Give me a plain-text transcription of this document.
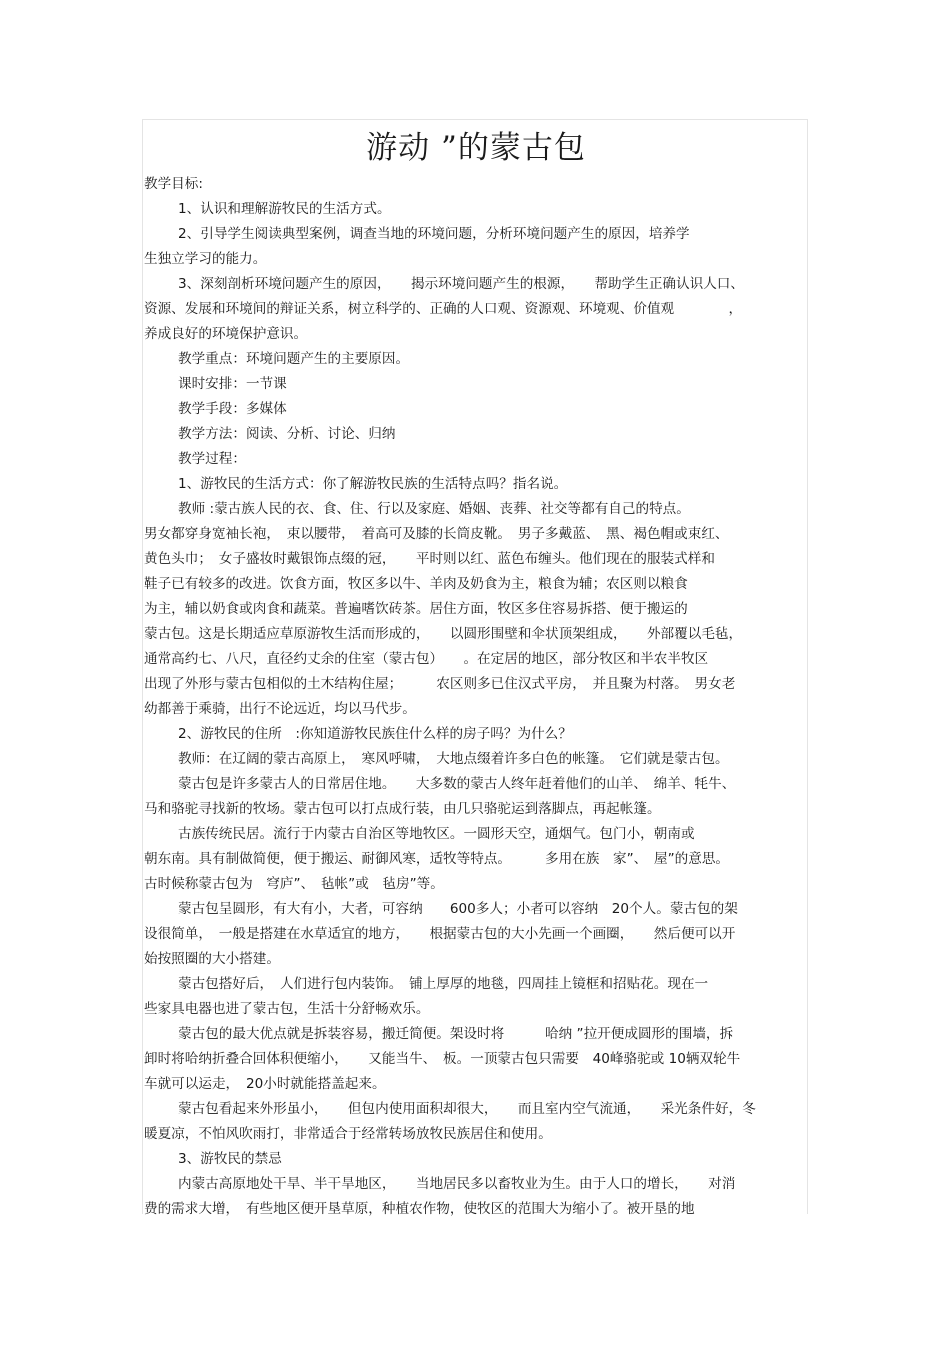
游动 ”的蒙古包
教学目标:
1、认识和理解游牧民的生活方式。
2、引导学生阅读典型案例，调查当地的环境问题，分析环境问题产生的原因，培养学
生独立学习的能力。
3、深刻剖析环境问题产生的原因，　　揭示环境问题产生的根源，　　帮助学生正确认识人口、
资源、发展和环境间的辩证关系，树立科学的、正确的人口观、资源观、环境观、价值观　　　　，
养成良好的环境保护意识。
教学重点：环境问题产生的主要原因。
课时安排：一节课
教学手段：多媒体
教学方法：阅读、分析、讨论、归纳
教学过程：
1、游牧民的生活方式：你了解游牧民族的生活特点吗？指名说。
教师 :蒙古族人民的衣、食、住、行以及家庭、婚姻、丧葬、社交等都有自己的特点。
男女都穿身宽袖长袍，　束以腰带，　着高可及膝的长筒皮靴。　男子多戴蓝、　黑、褐色帽或束红、
黄色头巾；　女子盛妆时戴银饰点缀的冠，　　平时则以红、蓝色布缠头。他们现在的服装式样和
鞋子已有较多的改进。饮食方面，牧区多以牛、羊肉及奶食为主，粮食为辅；农区则以粮食
为主，辅以奶食或肉食和蔬菜。普遍嗜饮砖茶。居住方面，牧区多住容易拆搭、便于搬运的
蒙古包。这是长期适应草原游牧生活而形成的，　　以圆形围壁和伞状顶架组成，　　外部覆以毛毡，
通常高约七、八尺，直径约丈余的住室（蒙古包）　　。在定居的地区，部分牧区和半农半牧区
出现了外形与蒙古包相似的土木结构住屋；　　　农区则多已住汉式平房，　并且聚为村落。　男女老
幼都善于乘骑，出行不论远近，均以马代步。
2、游牧民的住所　:你知道游牧民族住什么样的房子吗？为什么？
教师：在辽阔的蒙古高原上，　寒风呼啸，　大地点缀着许多白色的帐篷。　它们就是蒙古包。
蒙古包是许多蒙古人的日常居住地。　　大多数的蒙古人终年赶着他们的山羊、　绵羊、牦牛、
马和骆驼寻找新的牧场。蒙古包可以打点成行装，由几只骆驼运到落脚点，再起帐篷。
古族传统民居。流行于内蒙古自治区等地牧区。一圆形天空，通烟气。包门小，朝南或
朝东南。具有制做简便，便于搬运、耐御风寒，适牧等特点。　　　多用在族　家”、　屋”的意思。
古时候称蒙古包为　穹庐”、　毡帐”或　毡房”等。
蒙古包呈圆形，有大有小，大者，可容纳　　600多人；小者可以容纳　20个人。蒙古包的架
设很简单，　一般是搭建在水草适宜的地方，　　根据蒙古包的大小先画一个画圈，　　然后便可以开
始按照圈的大小搭建。
蒙古包搭好后，　人们进行包内装饰。　铺上厚厚的地毯，四周挂上镜框和招贴花。现在一
些家具电器也进了蒙古包，生活十分舒畅欢乐。
蒙古包的最大优点就是拆装容易，搬迁简便。架设时将　　　哈纳 ”拉开便成圆形的围墙，拆
卸时将哈纳折叠合回体积便缩小，　　又能当牛、　板。一顶蒙古包只需要　40峰骆驼或 10辆双轮牛
车就可以运走，　20小时就能搭盖起来。
蒙古包看起来外形虽小，　　但包内使用面积却很大，　　而且室内空气流通，　　采光条件好，冬
暖夏凉，不怕风吹雨打，非常适合于经常转场放牧民族居住和使用。
3、游牧民的禁忌
内蒙古高原地处干旱、半干旱地区，　　当地居民多以畜牧业为生。由于人口的增长，　　对消
费的需求大增，　有些地区便开垦草原，种植农作物，使牧区的范围大为缩小了。被开垦的地
